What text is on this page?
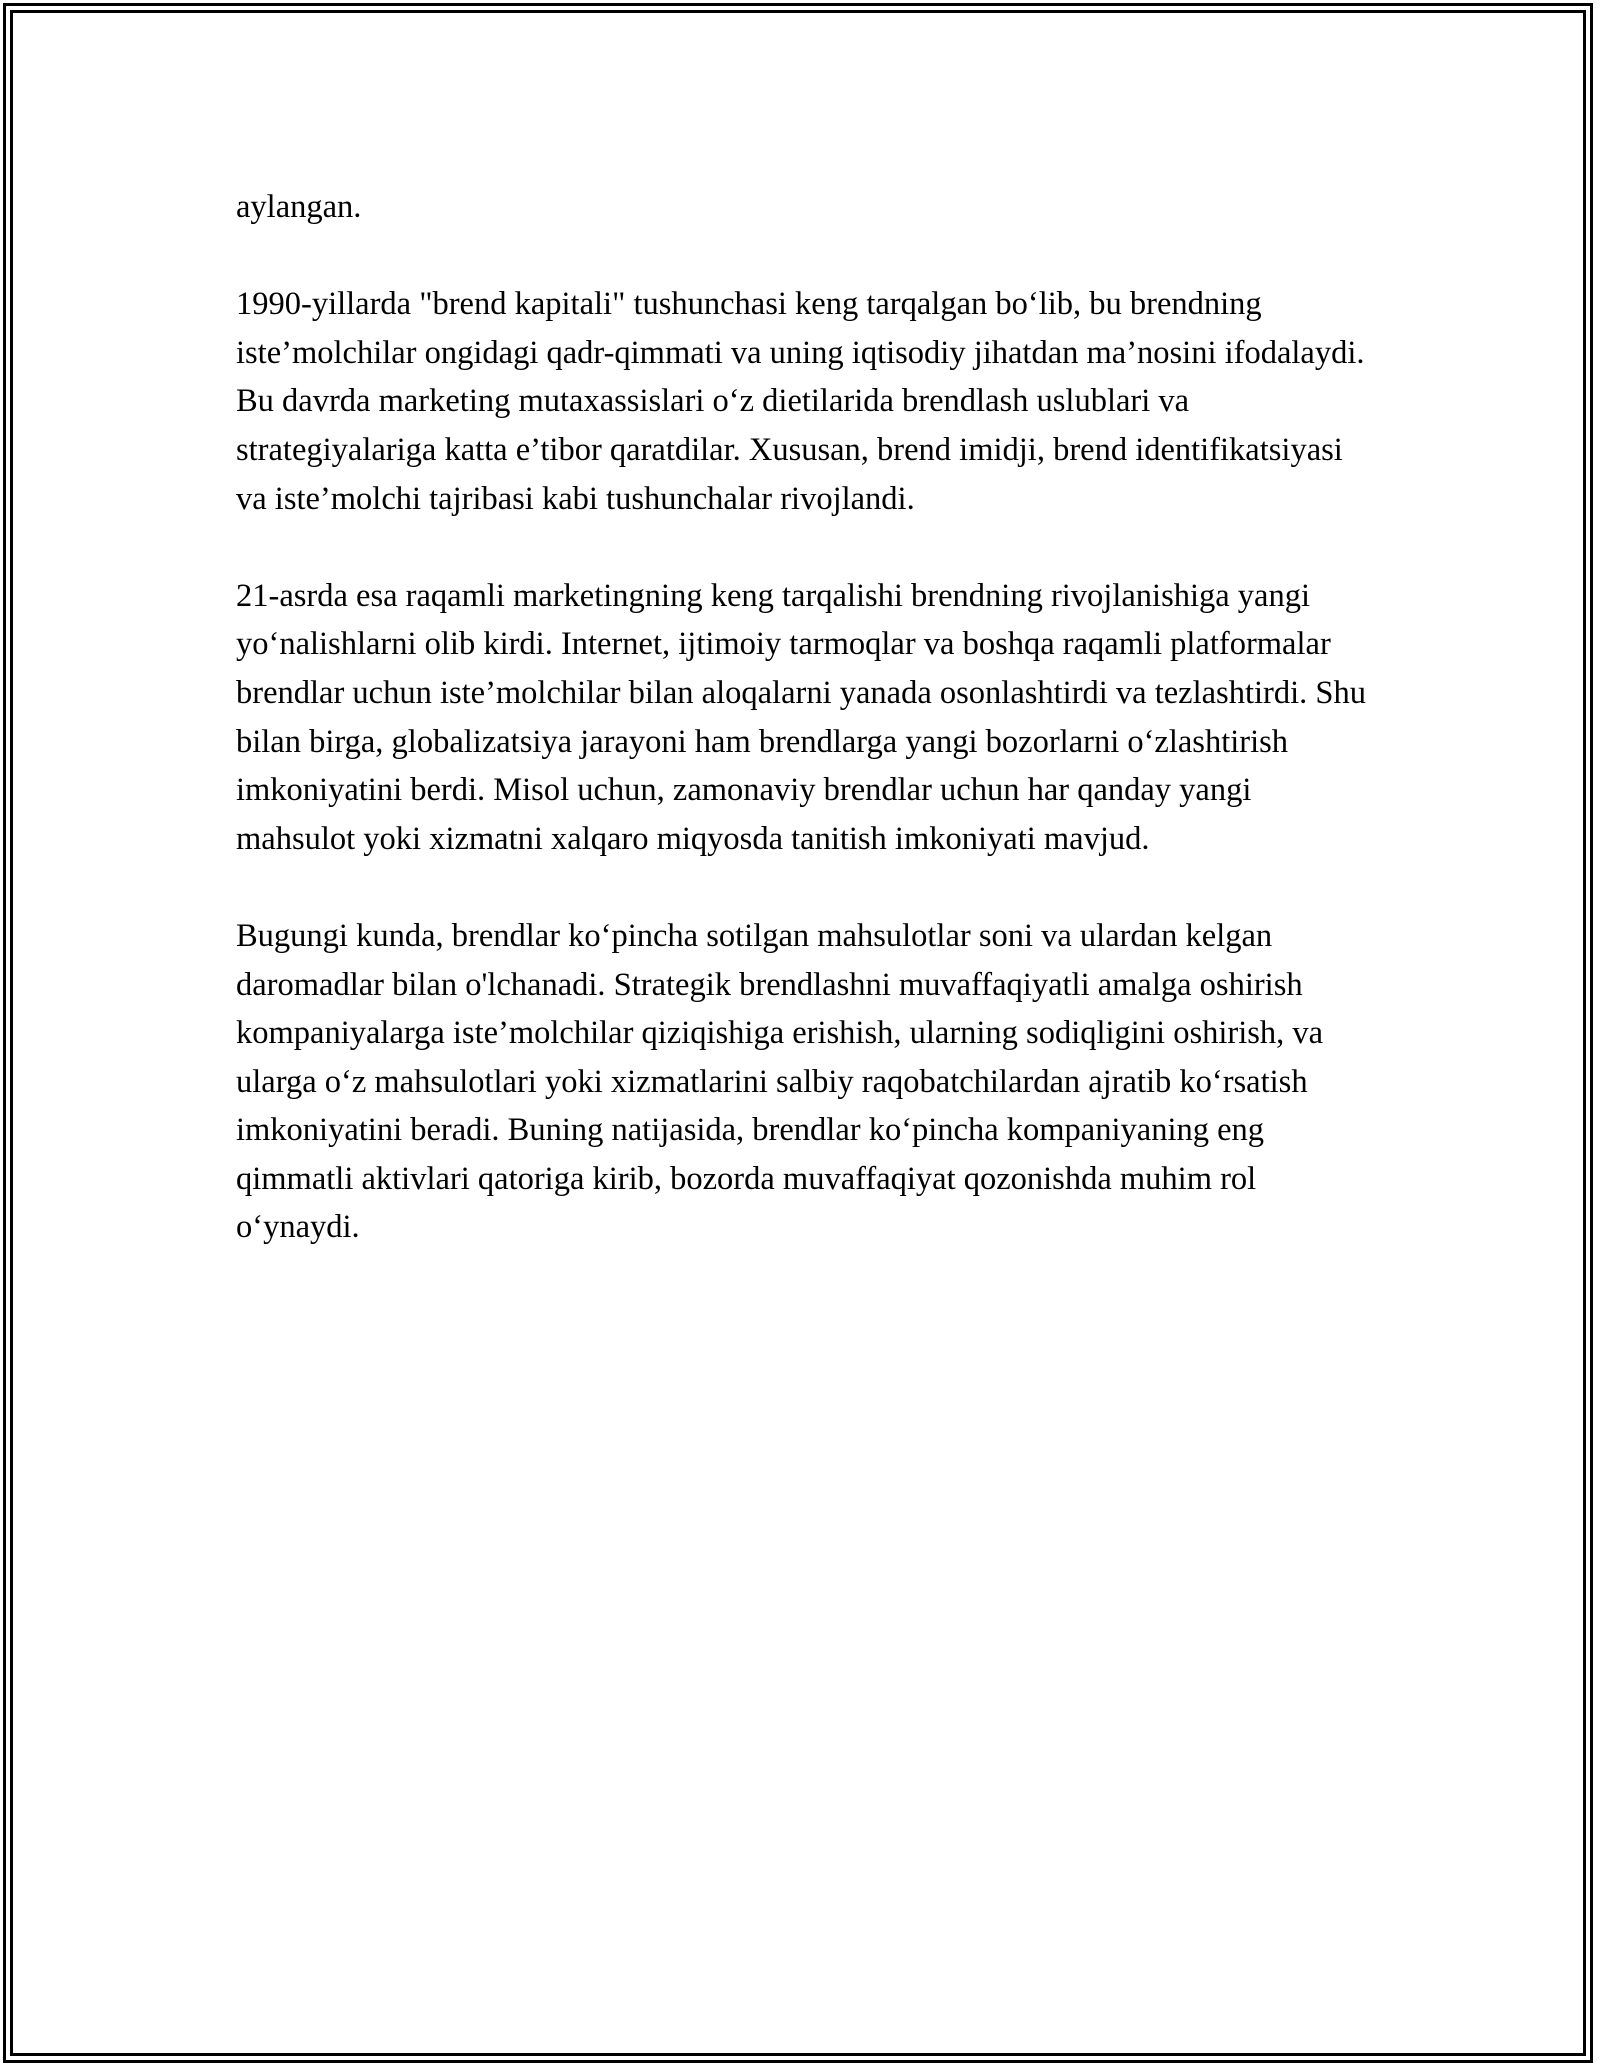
aylangan.

1990-yillarda "brend kapitali" tushunchasi keng tarqalgan bo‘lib, bu brendning iste’molchilar ongidagi qadr-qimmati va uning iqtisodiy jihatdan ma’nosini ifodalaydi. Bu davrda marketing mutaxassislari o‘z dietilarida brendlash uslublari va strategiyalariga katta e’tibor qaratdilar. Xususan, brend imidji, brend identifikatsiyasi va iste’molchi tajribasi kabi tushunchalar rivojlandi.

21-asrda esa raqamli marketingning keng tarqalishi brendning rivojlanishiga yangi yo‘nalishlarni olib kirdi. Internet, ijtimoiy tarmoqlar va boshqa raqamli platformalar brendlar uchun iste’molchilar bilan aloqalarni yanada osonlashtirdi va tezlashtirdi. Shu bilan birga, globalizatsiya jarayoni ham brendlarga yangi bozorlarni o‘zlashtirish imkoniyatini berdi. Misol uchun, zamonaviy brendlar uchun har qanday yangi mahsulot yoki xizmatni xalqaro miqyosda tanitish imkoniyati mavjud.

Bugungi kunda, brendlar ko‘pincha sotilgan mahsulotlar soni va ulardan kelgan daromadlar bilan o'lchanadi. Strategik brendlashni muvaffaqiyatli amalga oshirish kompaniyalarga iste’molchilar qiziqishiga erishish, ularning sodiqligini oshirish, va ularga o‘z mahsulotlari yoki xizmatlarini salbiy raqobatchilardan ajratib ko‘rsatish imkoniyatini beradi. Buning natijasida, brendlar ko‘pincha kompaniyaning eng qimmatli aktivlari qatoriga kirib, bozorda muvaffaqiyat qozonishda muhim rol o‘ynaydi.
